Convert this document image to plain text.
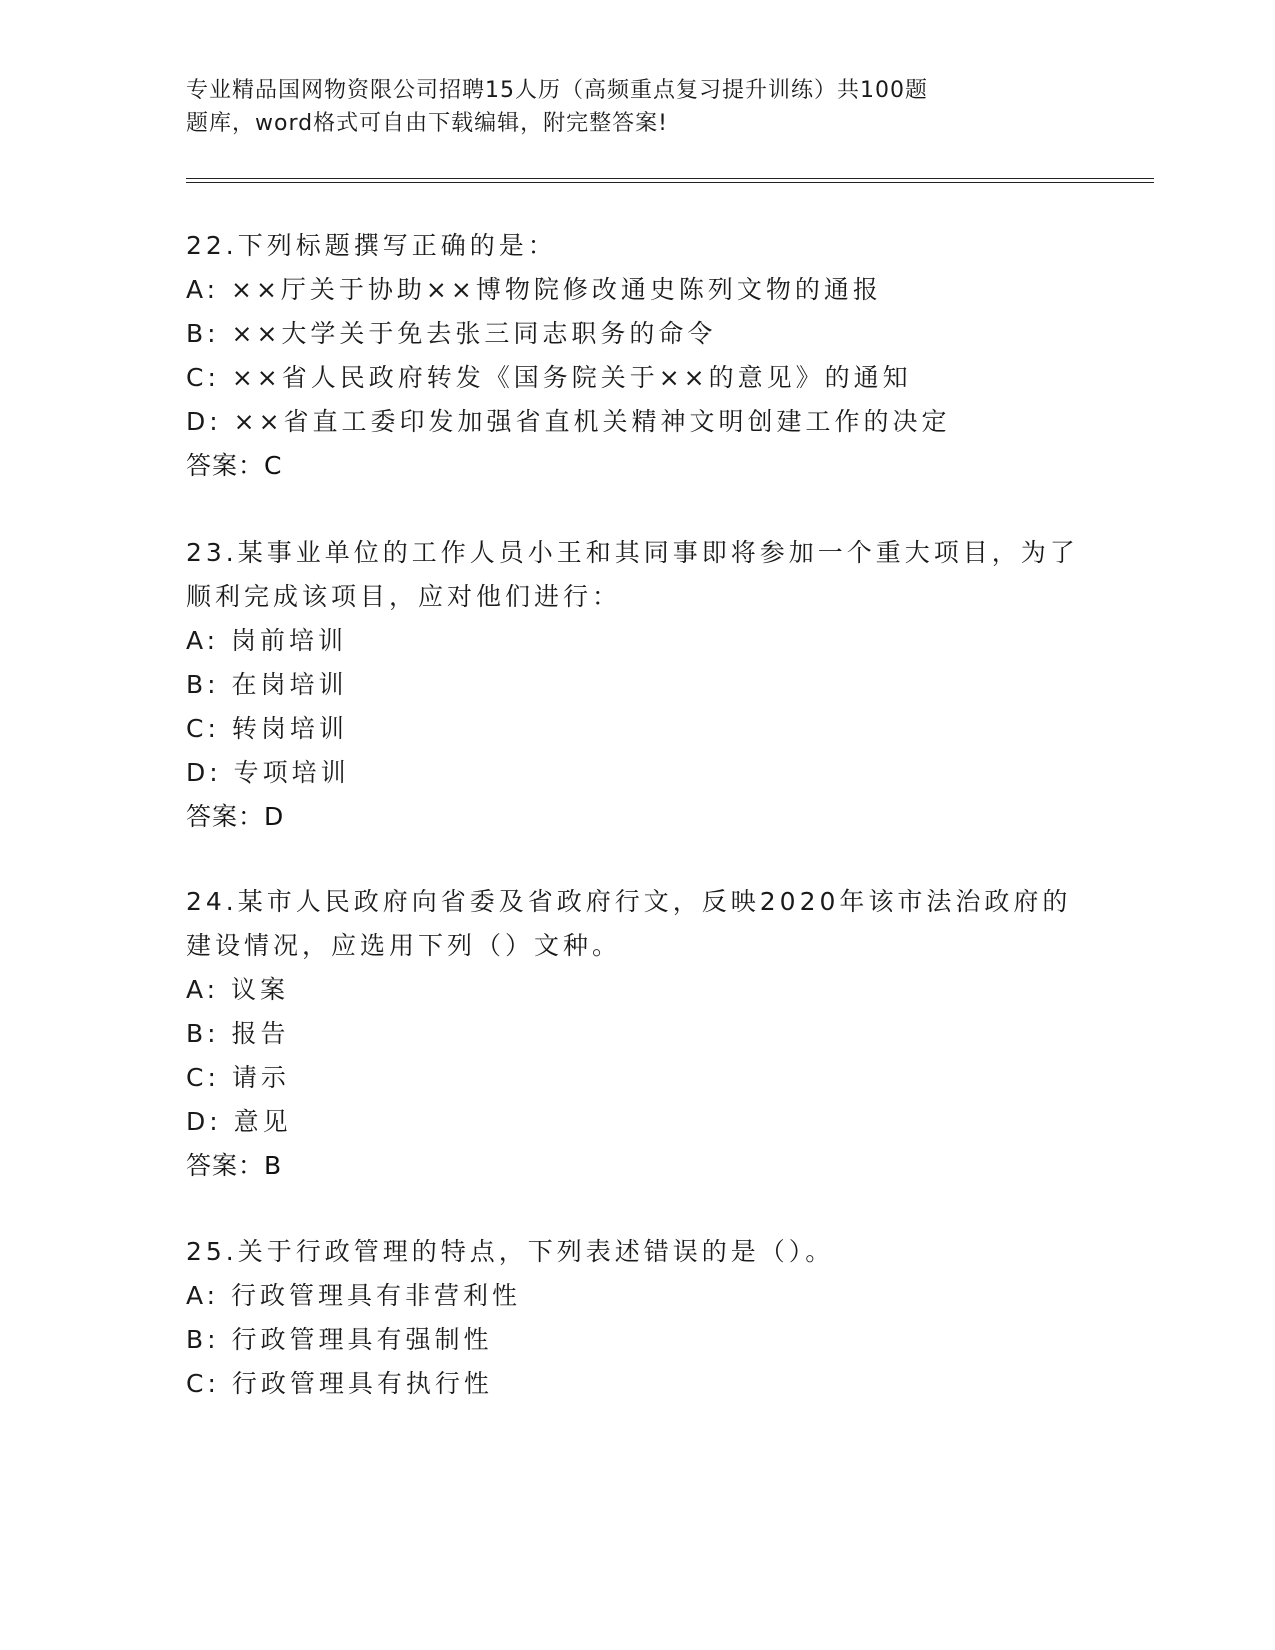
专业精品国网物资限公司招聘15人历（高频重点复习提升训练）共100题
题库，word格式可自由下载编辑，附完整答案!
22.下列标题撰写正确的是：
A: ××厅关于协助××博物院修改通史陈列文物的通报
B: ××大学关于免去张三同志职务的命令
C: ××省人民政府转发《国务院关于××的意见》的通知
D: ××省直工委印发加强省直机关精神文明创建工作的决定
答案：C
23.某事业单位的工作人员小王和其同事即将参加一个重大项目，为了
顺利完成该项目，应对他们进行：
A: 岗前培训
B: 在岗培训
C: 转岗培训
D: 专项培训
答案：D
24.某市人民政府向省委及省政府行文，反映2020年该市法治政府的
建设情况，应选用下列（）文种。
A: 议案
B: 报告
C: 请示
D: 意见
答案：B
25.关于行政管理的特点，下列表述错误的是（）。
A: 行政管理具有非营利性
B: 行政管理具有强制性
C: 行政管理具有执行性
